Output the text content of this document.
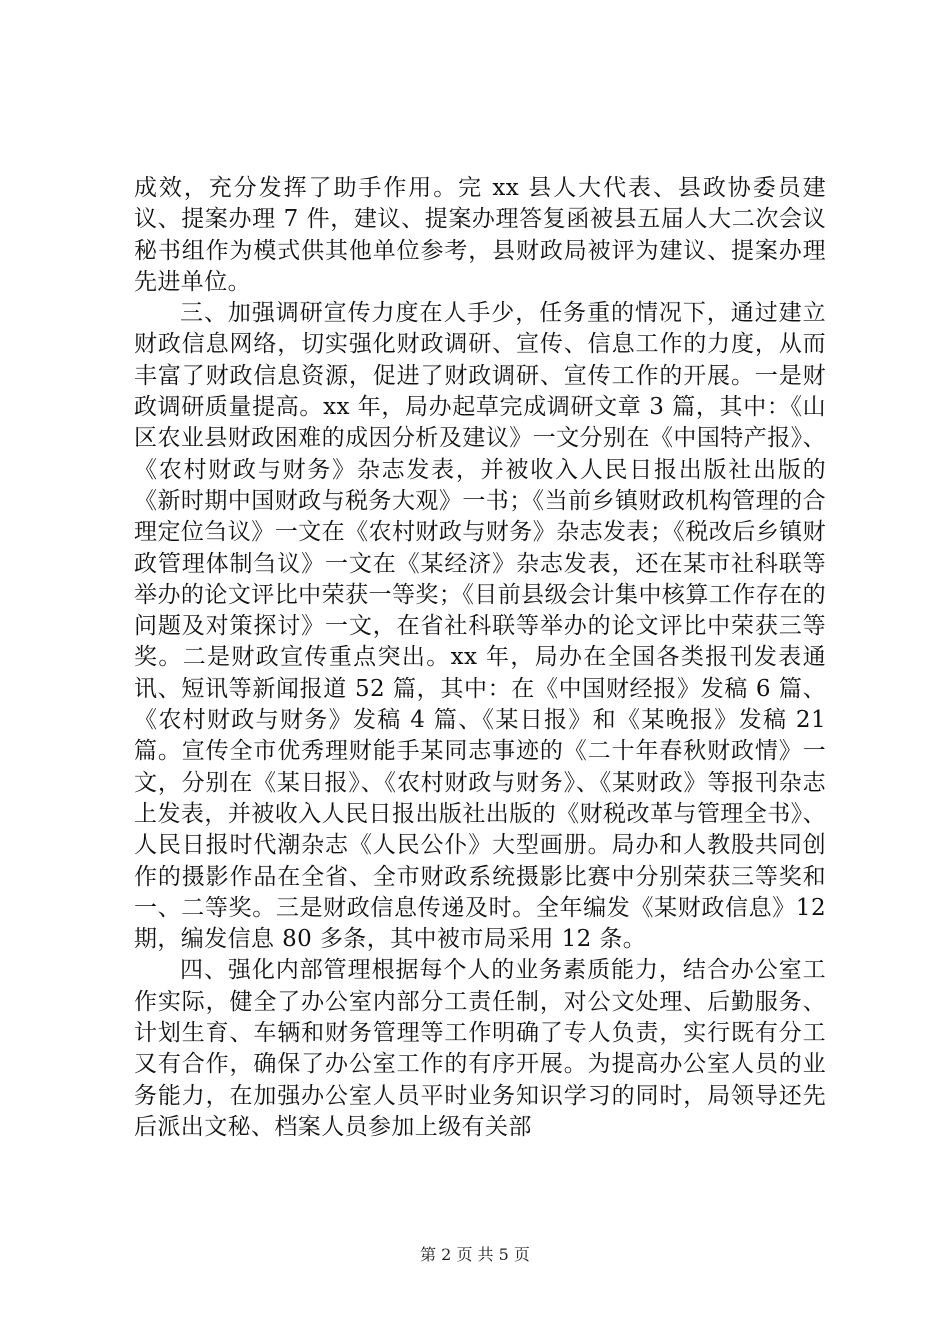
成效，充分发挥了助手作用。完 xx 县人大代表、县政协委员建议、提案办理 7 件，建议、提案办理答复函被县五届人大二次会议秘书组作为模式供其他单位参考，县财政局被评为建议、提案办理先进单位。

三、加强调研宣传力度在人手少，任务重的情况下，通过建立财政信息网络，切实强化财政调研、宣传、信息工作的力度，从而丰富了财政信息资源，促进了财政调研、宣传工作的开展。一是财政调研质量提高。xx 年，局办起草完成调研文章 3 篇，其中：《山区农业县财政困难的成因分析及建议》一文分别在《中国特产报》、《农村财政与财务》杂志发表，并被收入人民日报出版社出版的《新时期中国财政与税务大观》一书；《当前乡镇财政机构管理的合理定位刍议》一文在《农村财政与财务》杂志发表；《税改后乡镇财政管理体制刍议》一文在《某经济》杂志发表，还在某市社科联等举办的论文评比中荣获一等奖；《目前县级会计集中核算工作存在的问题及对策探讨》一文，在省社科联等举办的论文评比中荣获三等奖。二是财政宣传重点突出。xx 年，局办在全国各类报刊发表通讯、短讯等新闻报道 52 篇，其中：在《中国财经报》发稿 6 篇、《农村财政与财务》发稿 4 篇、《某日报》和《某晚报》发稿 21 篇。宣传全市优秀理财能手某同志事迹的《二十年春秋财政情》一文，分别在《某日报》、《农村财政与财务》、《某财政》等报刊杂志上发表，并被收入人民日报出版社出版的《财税改革与管理全书》、人民日报时代潮杂志《人民公仆》大型画册。局办和人教股共同创作的摄影作品在全省、全市财政系统摄影比赛中分别荣获三等奖和一、二等奖。三是财政信息传递及时。全年编发《某财政信息》12 期，编发信息 80 多条，其中被市局采用 12 条。

四、强化内部管理根据每个人的业务素质能力，结合办公室工作实际，健全了办公室内部分工责任制，对公文处理、后勤服务、计划生育、车辆和财务管理等工作明确了专人负责，实行既有分工又有合作，确保了办公室工作的有序开展。为提高办公室人员的业务能力，在加强办公室人员平时业务知识学习的同时，局领导还先后派出文秘、档案人员参加上级有关部

第 2 页 共 5 页
